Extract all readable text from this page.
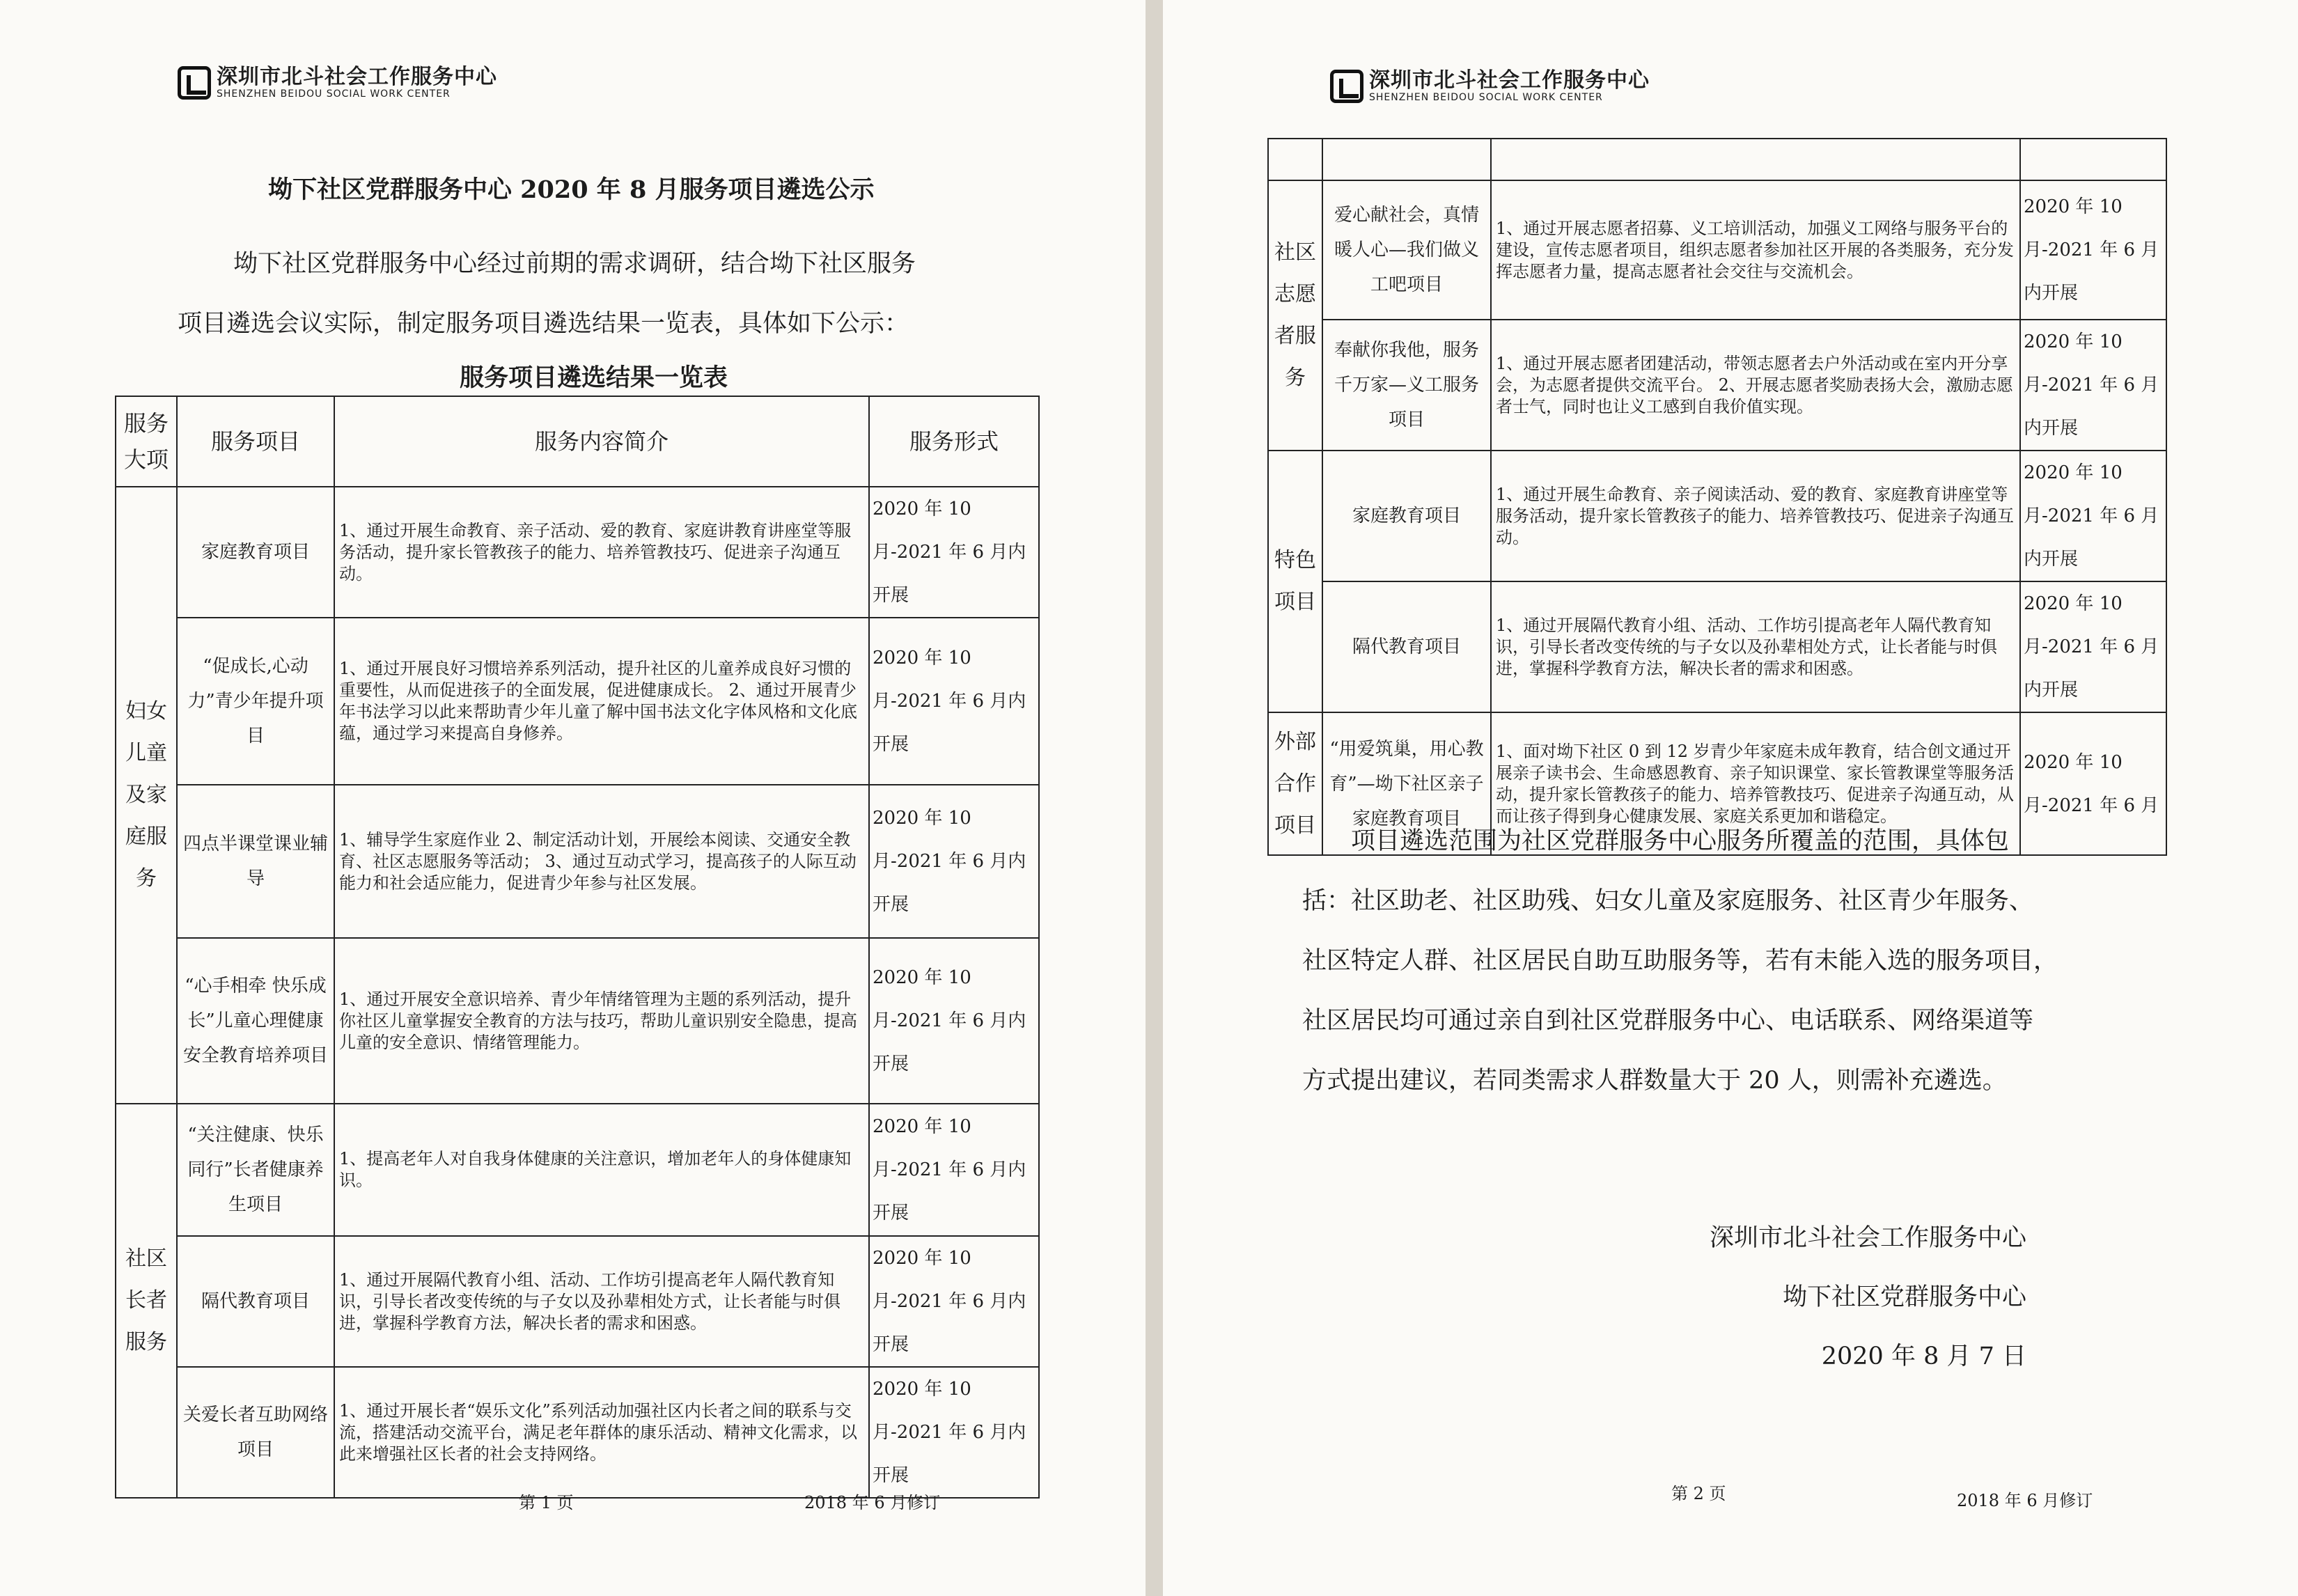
深圳市北斗社会工作服务中心
SHENZHEN BEIDOU SOCIAL WORK CENTER
坳下社区党群服务中心 2020 年 8 月服务项目遴选公示
坳下社区党群服务中心经过前期的需求调研，结合坳下社区服务
项目遴选会议实际，制定服务项目遴选结果一览表，具体如下公示：
服务项目遴选结果一览表
服务大项	服务项目	服务内容简介	服务形式
妇女儿童及家庭服务	家庭教育项目	1、通过开展生命教育、亲子活动、爱的教育、家庭讲教育讲座堂等服务活动，提升家长管教孩子的能力、培养管教技巧、促进亲子沟通互动。	2020 年 10 月-2021 年 6 月内开展
	“促成长,心动力”青少年提升项目	1、通过开展良好习惯培养系列活动，提升社区的儿童养成良好习惯的重要性，从而促进孩子的全面发展，促进健康成长。 2、通过开展青少年书法学习以此来帮助青少年儿童了解中国书法文化字体风格和文化底蕴，通过学习来提高自身修养。	2020 年 10 月-2021 年 6 月内开展
	四点半课堂课业辅导	1、辅导学生家庭作业 2、制定活动计划，开展绘本阅读、交通安全教育、社区志愿服务等活动； 3、通过互动式学习，提高孩子的人际互动能力和社会适应能力，促进青少年参与社区发展。	2020 年 10 月-2021 年 6 月内开展
	“心手相牵 快乐成长”儿童心理健康安全教育培养项目	1、通过开展安全意识培养、青少年情绪管理为主题的系列活动，提升你社区儿童掌握安全教育的方法与技巧，帮助儿童识别安全隐患，提高儿童的安全意识、情绪管理能力。	2020 年 10 月-2021 年 6 月内开展
社区长者服务	“关注健康、快乐同行”长者健康养生项目	1、提高老年人对自我身体健康的关注意识，增加老年人的身体健康知识。	2020 年 10 月-2021 年 6 月内开展
	隔代教育项目	1、通过开展隔代教育小组、活动、工作坊引提高老年人隔代教育知识，引导长者改变传统的与子女以及孙辈相处方式，让长者能与时俱进，掌握科学教育方法，解决长者的需求和困惑。	2020 年 10 月-2021 年 6 月内开展
	关爱长者互助网络项目	1、通过开展长者“娱乐文化”系列活动加强社区内长者之间的联系与交流，搭建活动交流平台，满足老年群体的康乐活动、精神文化需求，以此来增强社区长者的社会支持网络。	2020 年 10 月-2021 年 6 月内开展
第 1 页	2018 年 6 月修订
深圳市北斗社会工作服务中心
SHENZHEN BEIDOU SOCIAL WORK CENTER

社区志愿者服务	爱心献社会，真情暖人心—我们做义工吧项目	1、通过开展志愿者招募、义工培训活动，加强义工网络与服务平台的建设，宣传志愿者项目，组织志愿者参加社区开展的各类服务，充分发挥志愿者力量，提高志愿者社会交往与交流机会。	2020 年 10 月-2021 年 6 月内开展
	奉献你我他，服务千万家—义工服务项目	1、通过开展志愿者团建活动，带领志愿者去户外活动或在室内开分享会，为志愿者提供交流平台。 2、开展志愿者奖励表扬大会，激励志愿者士气，同时也让义工感到自我价值实现。	2020 年 10 月-2021 年 6 月内开展
特色项目	家庭教育项目	1、通过开展生命教育、亲子阅读活动、爱的教育、家庭教育讲座堂等服务活动，提升家长管教孩子的能力、培养管教技巧、促进亲子沟通互动。	2020 年 10 月-2021 年 6 月内开展
	隔代教育项目	1、通过开展隔代教育小组、活动、工作坊引提高老年人隔代教育知识，引导长者改变传统的与子女以及孙辈相处方式，让长者能与时俱进，掌握科学教育方法，解决长者的需求和困惑。	2020 年 10 月-2021 年 6 月内开展
外部合作项目	“用爱筑巢，用心教育”—坳下社区亲子家庭教育项目	1、面对坳下社区 0 到 12 岁青少年家庭未成年教育，结合创文通过开展亲子读书会、生命感恩教育、亲子知识课堂、家长管教课堂等服务活动，提升家长管教孩子的能力、培养管教技巧、促进亲子沟通互动，从而让孩子得到身心健康发展、家庭关系更加和谐稳定。	2020 年 10 月-2021 年 6 月
项目遴选范围为社区党群服务中心服务所覆盖的范围，具体包
括：社区助老、社区助残、妇女儿童及家庭服务、社区青少年服务、
社区特定人群、社区居民自助互助服务等，若有未能入选的服务项目，
社区居民均可通过亲自到社区党群服务中心、电话联系、网络渠道等
方式提出建议，若同类需求人群数量大于 20 人，则需补充遴选。
深圳市北斗社会工作服务中心
坳下社区党群服务中心
2020 年 8 月 7 日
第 2 页	2018 年 6 月修订
